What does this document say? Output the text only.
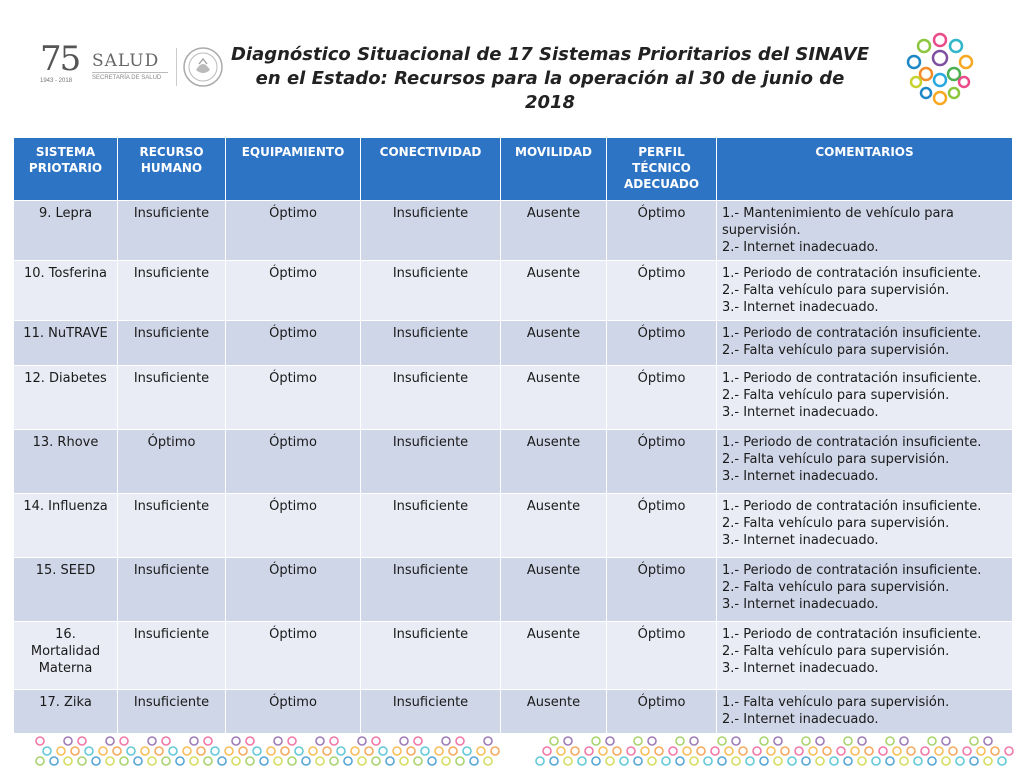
75
1943 - 2018
SALUD
SECRETARÍA DE SALUD
Diagnóstico Situacional de 17 Sistemas Prioritarios del SINAVE
en el Estado: Recursos para la operación al 30 de junio de 2018
SISTEMA PRIOTARIO	RECURSO HUMANO	EQUIPAMIENTO	CONECTIVIDAD	MOVILIDAD	PERFIL TÉCNICO ADECUADO	COMENTARIOS
9. Lepra	Insuficiente	Óptimo	Insuficiente	Ausente	Óptimo	1.- Mantenimiento de vehículo para supervisión.
2.- Internet inadecuado.

10. Tosferina	Insuficiente	Óptimo	Insuficiente	Ausente	Óptimo	1.- Periodo de contratación insuficiente.
2.- Falta vehículo para supervisión.
3.- Internet inadecuado.

11. NuTRAVE	Insuficiente	Óptimo	Insuficiente	Ausente	Óptimo	1.- Periodo de contratación insuficiente.
2.- Falta vehículo para supervisión.

12. Diabetes	Insuficiente	Óptimo	Insuficiente	Ausente	Óptimo	1.- Periodo de contratación insuficiente.
2.- Falta vehículo para supervisión.
3.- Internet inadecuado.

13. Rhove	Óptimo	Óptimo	Insuficiente	Ausente	Óptimo	1.- Periodo de contratación insuficiente.
2.- Falta vehículo para supervisión.
3.- Internet inadecuado.

14. Influenza	Insuficiente	Óptimo	Insuficiente	Ausente	Óptimo	1.- Periodo de contratación insuficiente.
2.- Falta vehículo para supervisión.
3.- Internet inadecuado.

15. SEED	Insuficiente	Óptimo	Insuficiente	Ausente	Óptimo	1.- Periodo de contratación insuficiente.
2.- Falta vehículo para supervisión.
3.- Internet inadecuado.

16. Mortalidad Materna	Insuficiente	Óptimo	Insuficiente	Ausente	Óptimo	1.- Periodo de contratación insuficiente.
2.- Falta vehículo para supervisión.
3.- Internet inadecuado.

17. Zika	Insuficiente	Óptimo	Insuficiente	Ausente	Óptimo	1.- Falta vehículo para supervisión.
2.- Internet inadecuado.
